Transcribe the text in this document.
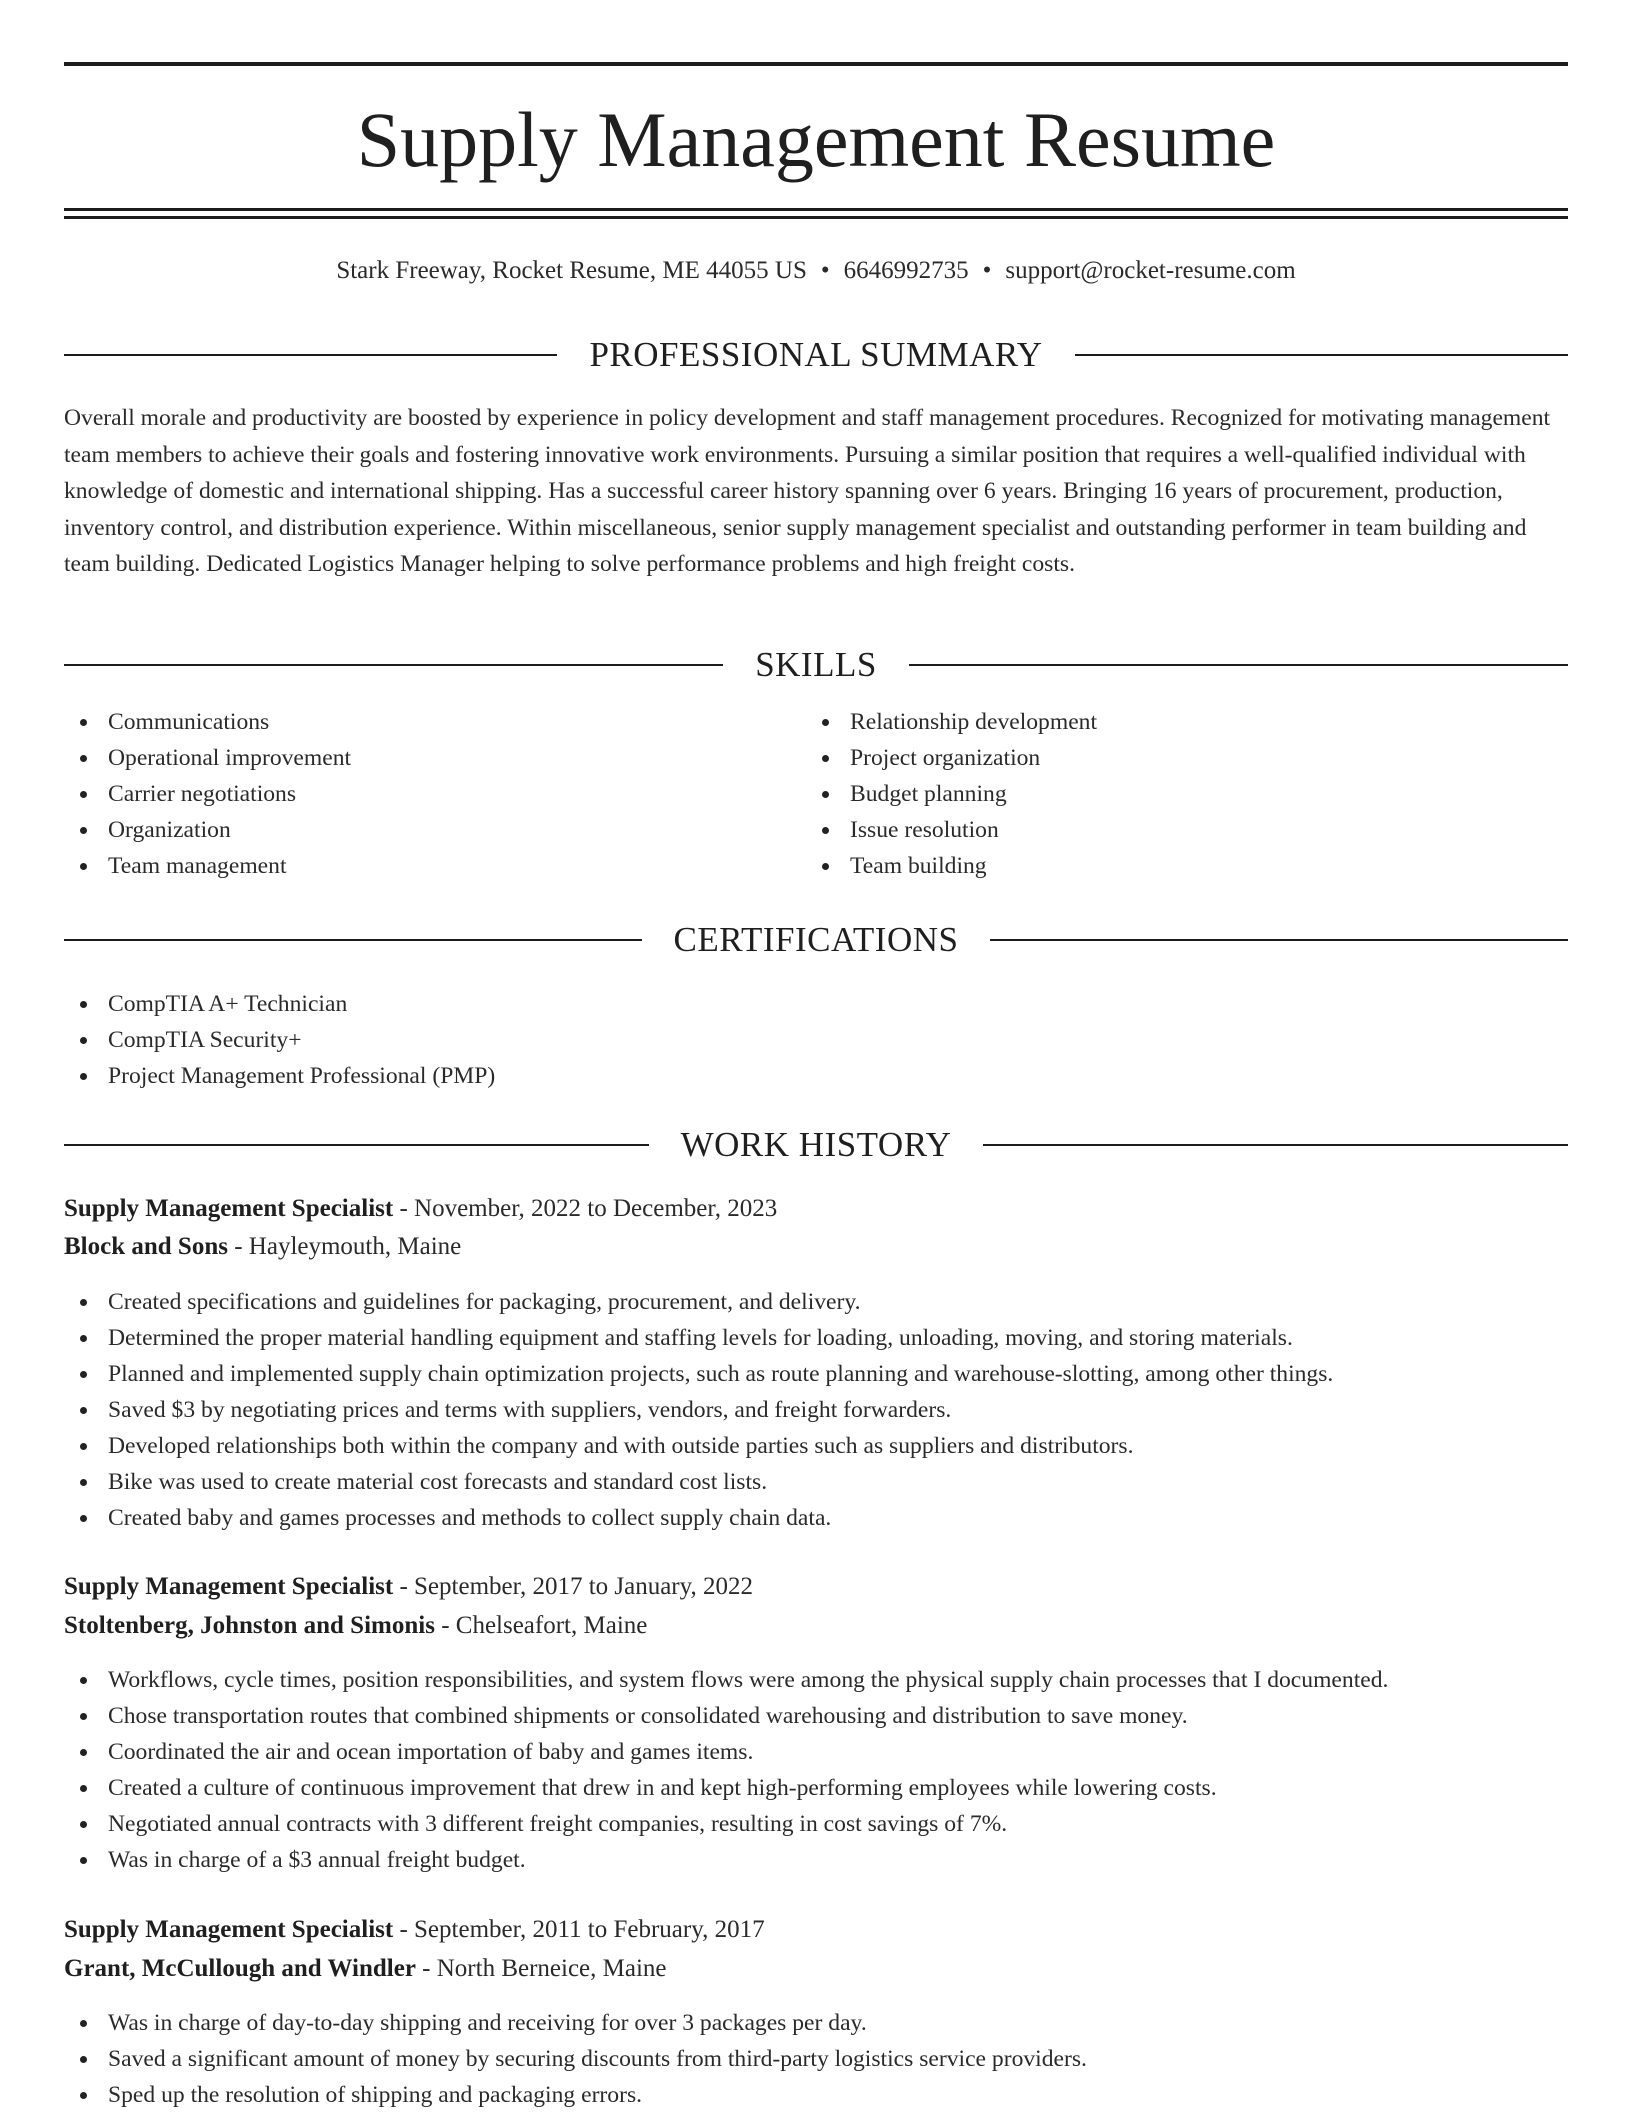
Supply Management Resume
Stark Freeway, Rocket Resume, ME 44055 US • 6646992735 • support@rocket-resume.com
PROFESSIONAL SUMMARY

Overall morale and productivity are boosted by experience in policy development and staff management procedures. Recognized for motivating management team members to achieve their goals and fostering innovative work environments. Pursuing a similar position that requires a well-qualified individual with knowledge of domestic and international shipping. Has a successful career history spanning over 6 years. Bringing 16 years of procurement, production, inventory control, and distribution experience. Within miscellaneous, senior supply management specialist and outstanding performer in team building and team building. Dedicated Logistics Manager helping to solve performance problems and high freight costs.

SKILLS
Communications
Operational improvement
Carrier negotiations
Organization
Team management
Relationship development
Project organization
Budget planning
Issue resolution
Team building
CERTIFICATIONS
CompTIA A+ Technician
CompTIA Security+
Project Management Professional (PMP)
WORK HISTORY
Supply Management Specialist - November, 2022 to December, 2023
Block and Sons - Hayleymouth, Maine
Created specifications and guidelines for packaging, procurement, and delivery.
Determined the proper material handling equipment and staffing levels for loading, unloading, moving, and storing materials.
Planned and implemented supply chain optimization projects, such as route planning and warehouse-slotting, among other things.
Saved $3 by negotiating prices and terms with suppliers, vendors, and freight forwarders.
Developed relationships both within the company and with outside parties such as suppliers and distributors.
Bike was used to create material cost forecasts and standard cost lists.
Created baby and games processes and methods to collect supply chain data.
Supply Management Specialist - September, 2017 to January, 2022
Stoltenberg, Johnston and Simonis - Chelseafort, Maine
Workflows, cycle times, position responsibilities, and system flows were among the physical supply chain processes that I documented.
Chose transportation routes that combined shipments or consolidated warehousing and distribution to save money.
Coordinated the air and ocean importation of baby and games items.
Created a culture of continuous improvement that drew in and kept high-performing employees while lowering costs.
Negotiated annual contracts with 3 different freight companies, resulting in cost savings of 7%.
Was in charge of a $3 annual freight budget.
Supply Management Specialist - September, 2011 to February, 2017
Grant, McCullough and Windler - North Berneice, Maine
Was in charge of day-to-day shipping and receiving for over 3 packages per day.
Saved a significant amount of money by securing discounts from third-party logistics service providers.
Sped up the resolution of shipping and packaging errors.
